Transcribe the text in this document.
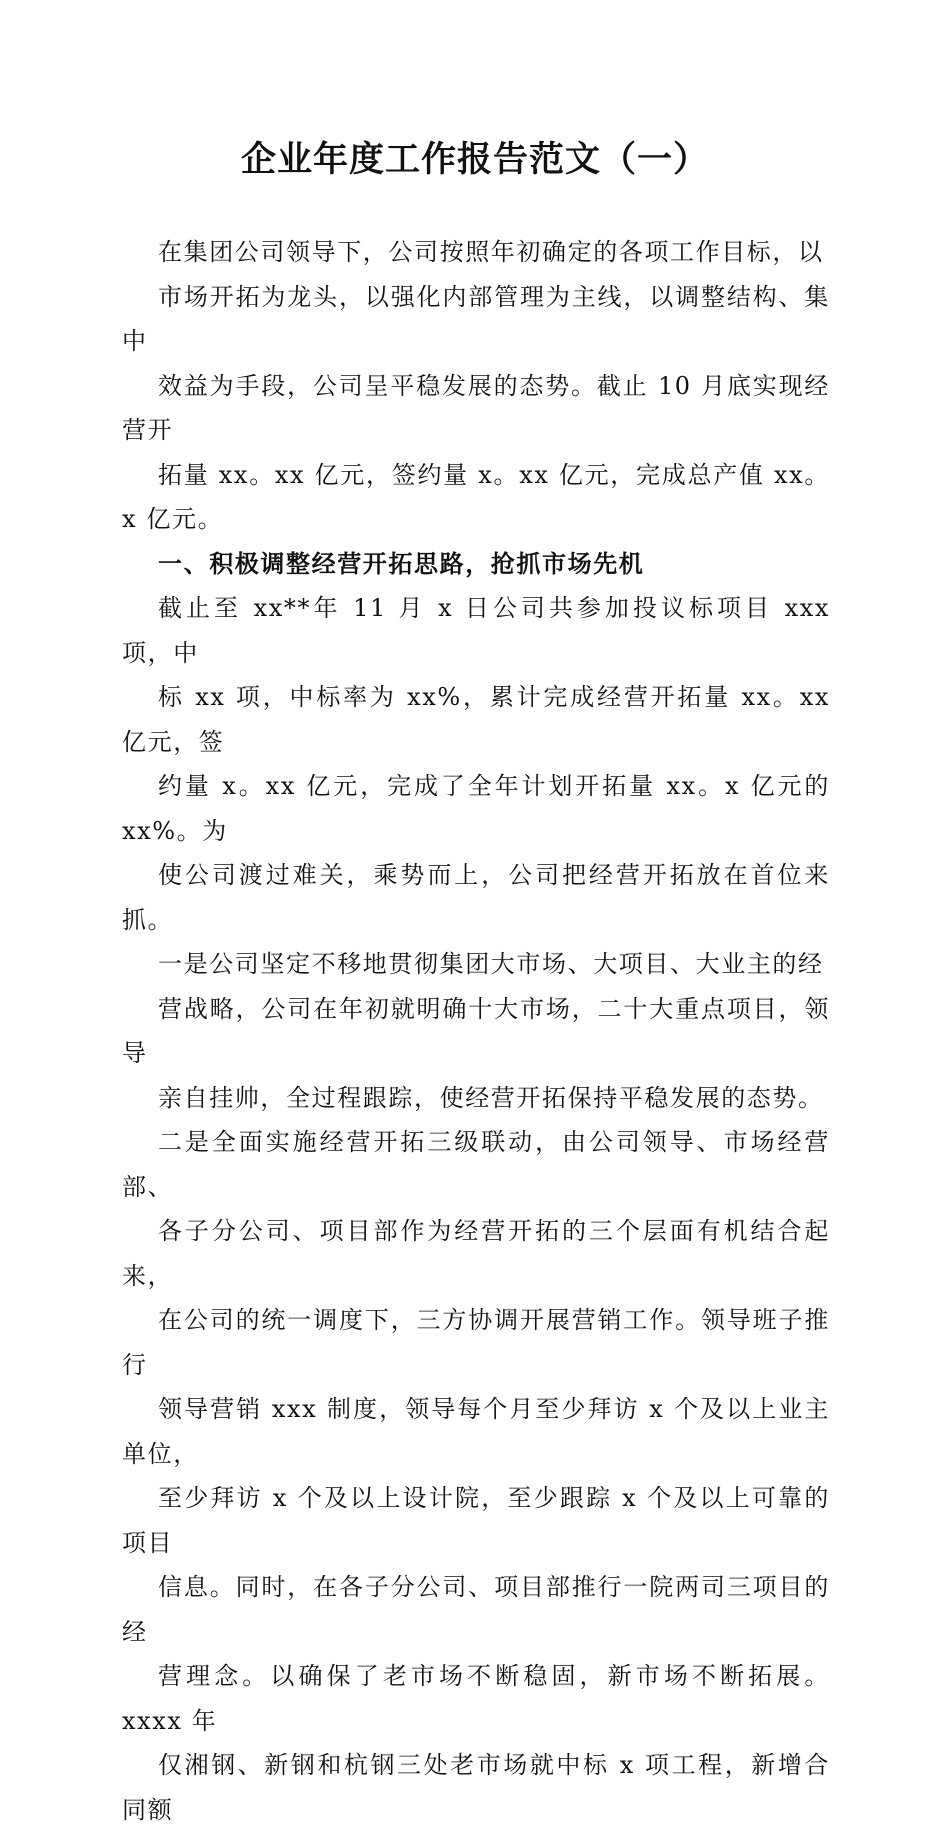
企业年度工作报告范文（一）

在集团公司领导下，公司按照年初确定的各项工作目标，以
市场开拓为龙头，以强化内部管理为主线，以调整结构、集中
效益为手段，公司呈平稳发展的态势。截止 10 月底实现经营开
拓量 xx。xx 亿元，签约量 x。xx 亿元，完成总产值 xx。x 亿元。

一、积极调整经营开拓思路，抢抓市场先机

截止至 xx**年 11 月 x 日公司共参加投议标项目 xxx 项，中
标 xx 项，中标率为 xx%，累计完成经营开拓量 xx。xx 亿元，签
约量 x。xx 亿元，完成了全年计划开拓量 xx。x 亿元的 xx%。为
使公司渡过难关，乘势而上，公司把经营开拓放在首位来抓。

一是公司坚定不移地贯彻集团大市场、大项目、大业主的经
营战略，公司在年初就明确十大市场，二十大重点项目，领导
亲自挂帅，全过程跟踪，使经营开拓保持平稳发展的态势。

二是全面实施经营开拓三级联动，由公司领导、市场经营部、
各子分公司、项目部作为经营开拓的三个层面有机结合起来，
在公司的统一调度下，三方协调开展营销工作。领导班子推行
领导营销 xxx 制度，领导每个月至少拜访 x 个及以上业主单位，
至少拜访 x 个及以上设计院，至少跟踪 x 个及以上可靠的项目
信息。同时，在各子分公司、项目部推行一院两司三项目的经
营理念。以确保了老市场不断稳固，新市场不断拓展。xxxx 年
仅湘钢、新钢和杭钢三处老市场就中标 x 项工程，新增合同额
